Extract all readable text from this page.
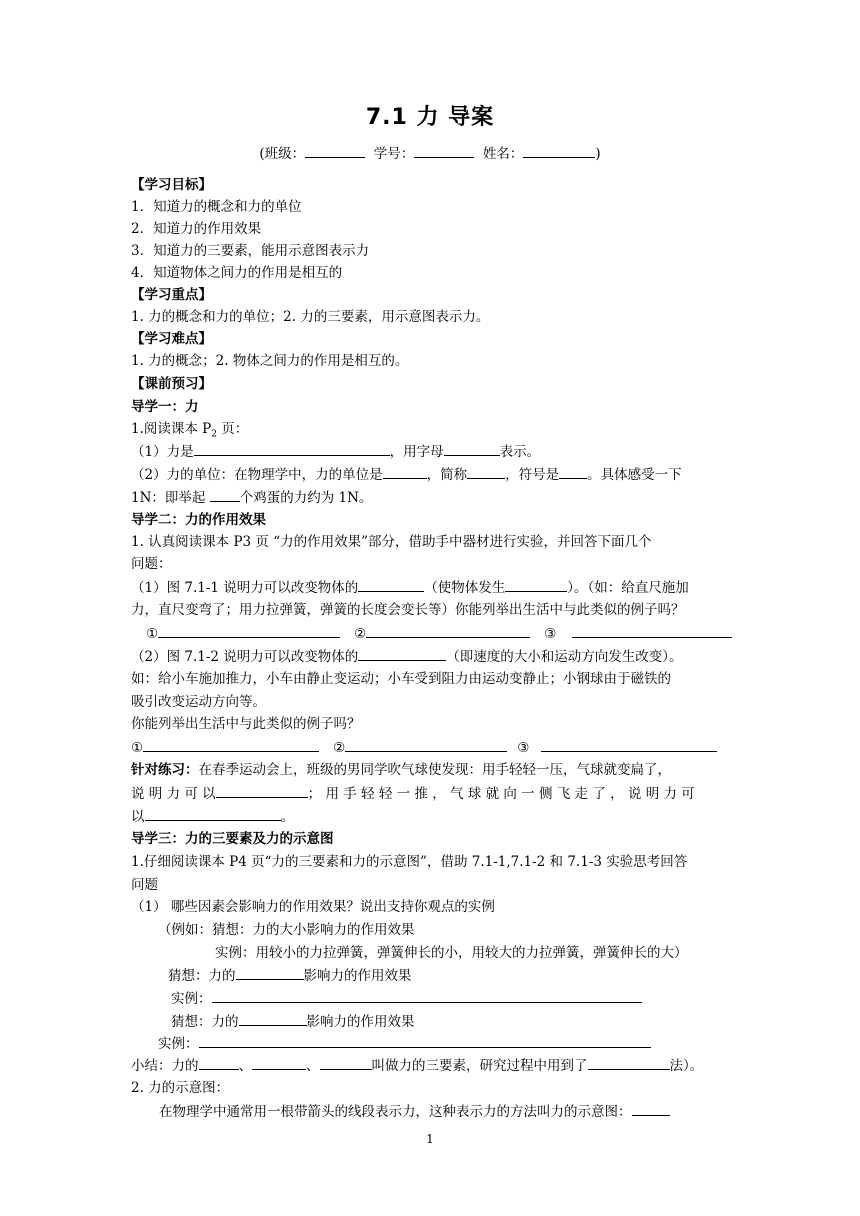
7.1 力 导案
(班级：	学号：	姓名：	)
【学习目标】
1．知道力的概念和力的单位
2．知道力的作用效果
3．知道力的三要素，能用示意图表示力
4．知道物体之间力的作用是相互的
【学习重点】
1. 力的概念和力的单位；2. 力的三要素，用示意图表示力。
【学习难点】
1. 力的概念；2. 物体之间力的作用是相互的。
【课前预习】
导学一：力
1.阅读课本 $P_2$ 页：
（1）力是	，用字母	表示。
（2）力的单位：在物理学中，力的单位是	，简称	，符号是 。具体感受一下
1N：即举起 个鸡蛋的力约为 1N。
导学二：力的作用效果
1. 认真阅读课本 P3 页 “力的作用效果”部分，借助手中器材进行实验，并回答下面几个
问题：
（1）图 7.1-1 说明力可以改变物体的	（使物体发生	）。（如：给直尺施加
力，直尺变弯了；用力拉弹簧，弹簧的长度会变长等）你能列举出生活中与此类似的例子吗？
①	②	③
（2）图 7.1-2 说明力可以改变物体的	（即速度的大小和运动方向发生改变）。
如：给小车施加推力，小车由静止变运动；小车受到阻力由运动变静止；小钢球由于磁铁的
吸引改变运动方向等。
你能列举出生活中与此类似的例子吗？
①	②	③
针对练习：在春季运动会上，班级的男同学吹气球使发现：用手轻轻一压，气球就变扁了，
说 明 力 可 以	； 用 手 轻 轻 一 推 ， 气 球 就 向 一 侧 飞 走 了 ， 说 明 力 可
以	。
导学三：力的三要素及力的示意图
1.仔细阅读课本 P4 页“力的三要素和力的示意图”，借助 7.1-1,7.1-2 和 7.1-3 实验思考回答
问题
（1） 哪些因素会影响力的作用效果？说出支持你观点的实例
（例如：猜想：力的大小影响力的作用效果
实例：用较小的力拉弹簧，弹簧伸长的小，用较大的力拉弹簧，弹簧伸长的大）
猜想：力的	影响力的作用效果
实例：
猜想：力的	影响力的作用效果
实例：
小结：力的	、	、	叫做力的三要素，研究过程中用到了	法）。
2. 力的示意图：
在物理学中通常用一根带箭头的线段表示力，这种表示力的方法叫力的示意图：
1
